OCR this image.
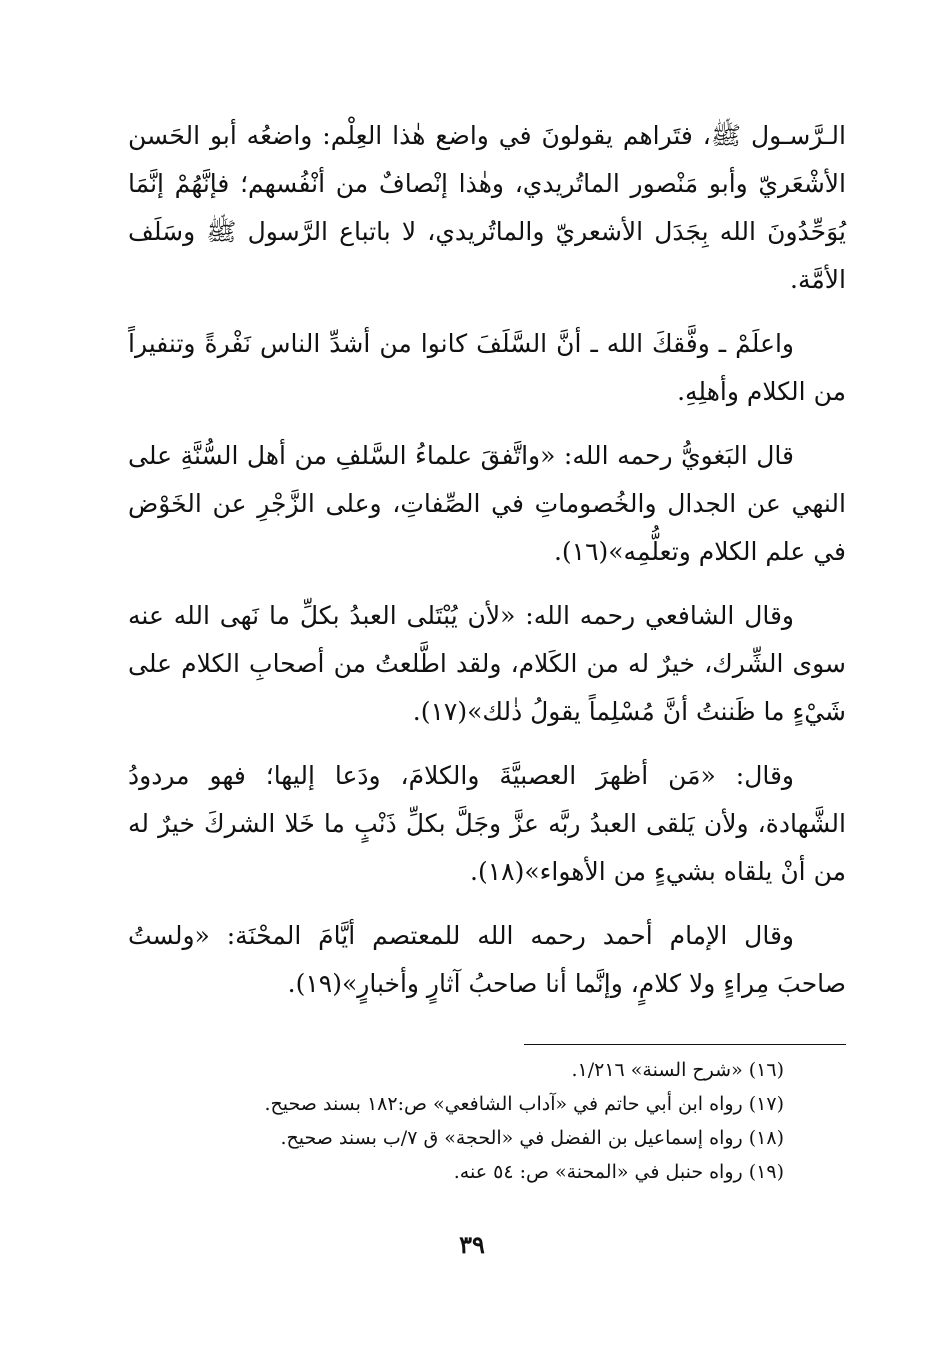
الـرَّسـول ﷺ، فتَراهم يقولونَ في واضع هٰذا العِلْم: واضعُه أبو الحَسن الأشْعَريّ وأبو مَنْصور الماتُريدي، وهٰذا إنْصافٌ من أنْفُسهم؛ فإنَّهُمْ إنَّمَا يُوَحِّدُونَ الله بِجَدَل الأشعريّ والماتُريدي، لا باتباع الرَّسول ﷺ وسَلَف الأمَّة.

واعلَمْ ـ وفَّقكَ الله ـ أنَّ السَّلَفَ كانوا من أشدِّ الناس نَفْرةً وتنفيراً من الكلام وأهلِهِ.

قال البَغويُّ رحمه الله: «واتَّفقَ علماءُ السَّلفِ من أهل السُّنَّةِ على النهي عن الجدال والخُصوماتِ في الصِّفاتِ، وعلى الزَّجْرِ عن الخَوْض في علم الكلام وتعلُّمِه»(١٦).

وقال الشافعي رحمه الله: «لأن يُبْتَلى العبدُ بكلِّ ما نَهى الله عنه سوى الشِّرك، خيرٌ له من الكَلام، ولقد اطَّلعتُ من أصحابِ الكلام على شَيْءٍ ما ظَننتُ أنَّ مُسْلِماً يقولُ ذٰلك»(١٧).

وقال: «مَن أظهرَ العصبيَّةَ والكلامَ، ودَعا إليها؛ فهو مردودُ الشَّهادة، ولأن يَلقى العبدُ ربَّه عزَّ وجَلَّ بكلِّ ذَنْبٍ ما خَلا الشركَ خيرٌ له من أنْ يلقاه بشيءٍ من الأهواء»(١٨).

وقال الإمام أحمد رحمه الله للمعتصم أيَّامَ المحْنَة: «ولستُ صاحبَ مِراءٍ ولا كلامٍ، وإنَّما أنا صاحبُ آثارٍ وأخبارٍ»(١٩).

(١٦) «شرح السنة» ١/٢١٦.

(١٧) رواه ابن أبي حاتم في «آداب الشافعي» ص:١٨٢ بسند صحيح.

(١٨) رواه إسماعيل بن الفضل في «الحجة» ق ٧/ب بسند صحيح.

(١٩) رواه حنبل في «المحنة» ص: ٥٤ عنه.

٣٩
